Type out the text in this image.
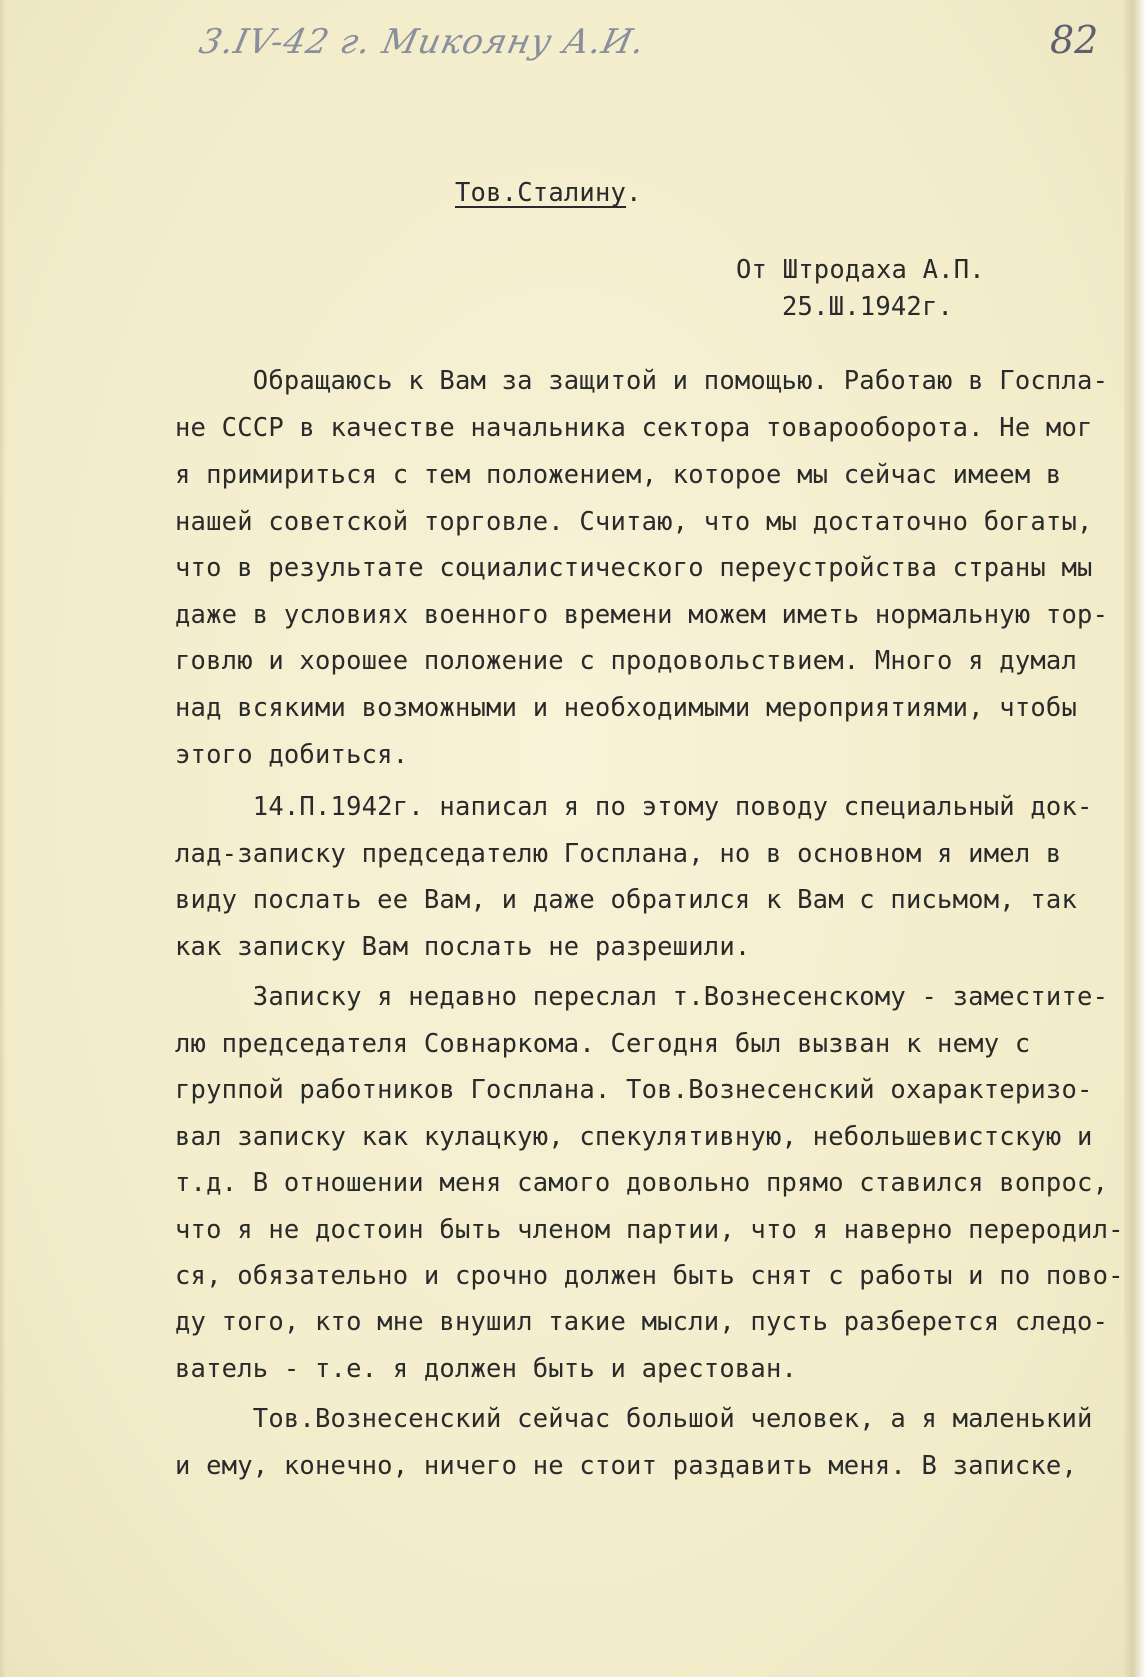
3.IV-42 г. Микояну А.И.	82
Тов.Сталину.
От Штродаха А.П.
25.Ш.1942г.
Обращаюсь к Вам за защитой и помощью. Работаю в Госпла-
не СССР в качестве начальника сектора товарооборота. Не мог
я примириться с тем положением, которое мы сейчас имеем в
нашей советской торговле. Считаю, что мы достаточно богаты,
что в результате социалистического переустройства страны мы
даже в условиях военного времени можем иметь нормальную тор-
говлю и хорошее положение с продовольствием. Много я думал
над всякими возможными и необходимыми мероприятиями, чтобы
этого добиться.
14.П.1942г. написал я по этому поводу специальный док-
лад-записку председателю Госплана, но в основном я имел в
виду послать ее Вам, и даже обратился к Вам с письмом, так
как записку Вам послать не разрешили.
Записку я недавно переслал т.Вознесенскому - заместите-
лю председателя Совнаркома. Сегодня был вызван к нему с
группой работников Госплана. Тов.Вознесенский охарактеризо-
вал записку как кулацкую, спекулятивную, небольшевистскую и
т.д. В отношении меня самого довольно прямо ставился вопрос,
что я не достоин быть членом партии, что я наверно переродил-
ся, обязательно и срочно должен быть снят с работы и по пово-
ду того, кто мне внушил такие мысли, пусть разберется следо-
ватель - т.е. я должен быть и арестован.
Тов.Вознесенский сейчас большой человек, а я маленький
и ему, конечно, ничего не стоит раздавить меня. В записке,
